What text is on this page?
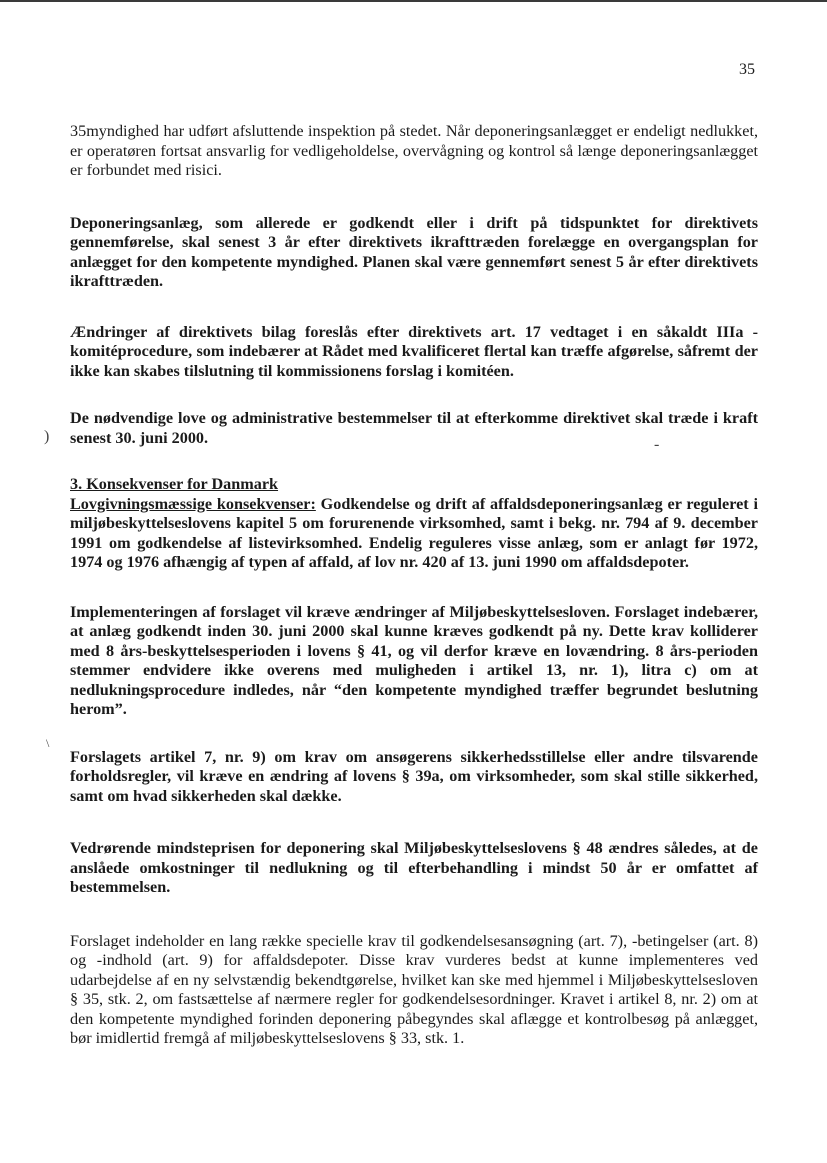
35
)	-
\

35myndighed har udført afsluttende inspektion på stedet. Når deponeringsanlægget er endeligt nedlukket, er operatøren fortsat ansvarlig for vedligeholdelse, overvågning og kontrol så længe deponeringsanlægget er forbundet med risici.

Deponeringsanlæg, som allerede er godkendt eller i drift på tidspunktet for direktivets gennemførelse, skal senest 3 år efter direktivets ikrafttræden forelægge en overgangsplan for anlægget for den kompetente myndighed. Planen skal være gennemført senest 5 år efter direktivets ikrafttræden.

Ændringer af direktivets bilag foreslås efter direktivets art. 17 vedtaget i en såkaldt IIIa - komitéprocedure, som indebærer at Rådet med kvalificeret flertal kan træffe afgørelse, såfremt der ikke kan skabes tilslutning til kommissionens forslag i komitéen.

De nødvendige love og administrative bestemmelser til at efterkomme direktivet skal træde i kraft senest 30. juni 2000.

3. Konsekvenser for Danmark

Lovgivningsmæssige konsekvenser: Godkendelse og drift af affaldsdeponeringsanlæg er reguleret i miljøbeskyttelseslovens kapitel 5 om forurenende virksomhed, samt i bekg. nr. 794 af 9. december 1991 om godkendelse af listevirksomhed. Endelig reguleres visse anlæg, som er anlagt før 1972, 1974 og 1976 afhængig af typen af affald, af lov nr. 420 af 13. juni 1990 om affaldsdepoter.

Implementeringen af forslaget vil kræve ændringer af Miljøbeskyttelsesloven. Forslaget indebærer, at anlæg godkendt inden 30. juni 2000 skal kunne kræves godkendt på ny. Dette krav kolliderer med 8 års-beskyttelsesperioden i lovens § 41, og vil derfor kræve en lovændring. 8 års-perioden stemmer endvidere ikke overens med muligheden i artikel 13, nr. 1), litra c) om at nedlukningsprocedure indledes, når “den kompetente myndighed træffer begrundet beslutning herom”.

Forslagets artikel 7, nr. 9) om krav om ansøgerens sikkerhedsstillelse eller andre tilsvarende forholdsregler, vil kræve en ændring af lovens § 39a, om virksomheder, som skal stille sikkerhed, samt om hvad sikkerheden skal dække.

Vedrørende mindsteprisen for deponering skal Miljøbeskyttelseslovens § 48 ændres således, at de anslåede omkostninger til nedlukning og til efterbehandling i mindst 50 år er omfattet af bestemmelsen.

Forslaget indeholder en lang række specielle krav til godkendelsesansøgning (art. 7), -betingelser (art. 8) og -indhold (art. 9) for affaldsdepoter. Disse krav vurderes bedst at kunne implementeres ved udarbejdelse af en ny selvstændig bekendtgørelse, hvilket kan ske med hjemmel i Miljøbeskyttelsesloven § 35, stk. 2, om fastsættelse af nærmere regler for godkendelsesordninger. Kravet i artikel 8, nr. 2) om at den kompetente myndighed forinden deponering påbegyndes skal aflægge et kontrolbesøg på anlægget, bør imidlertid fremgå af miljøbeskyttelseslovens § 33, stk. 1.
